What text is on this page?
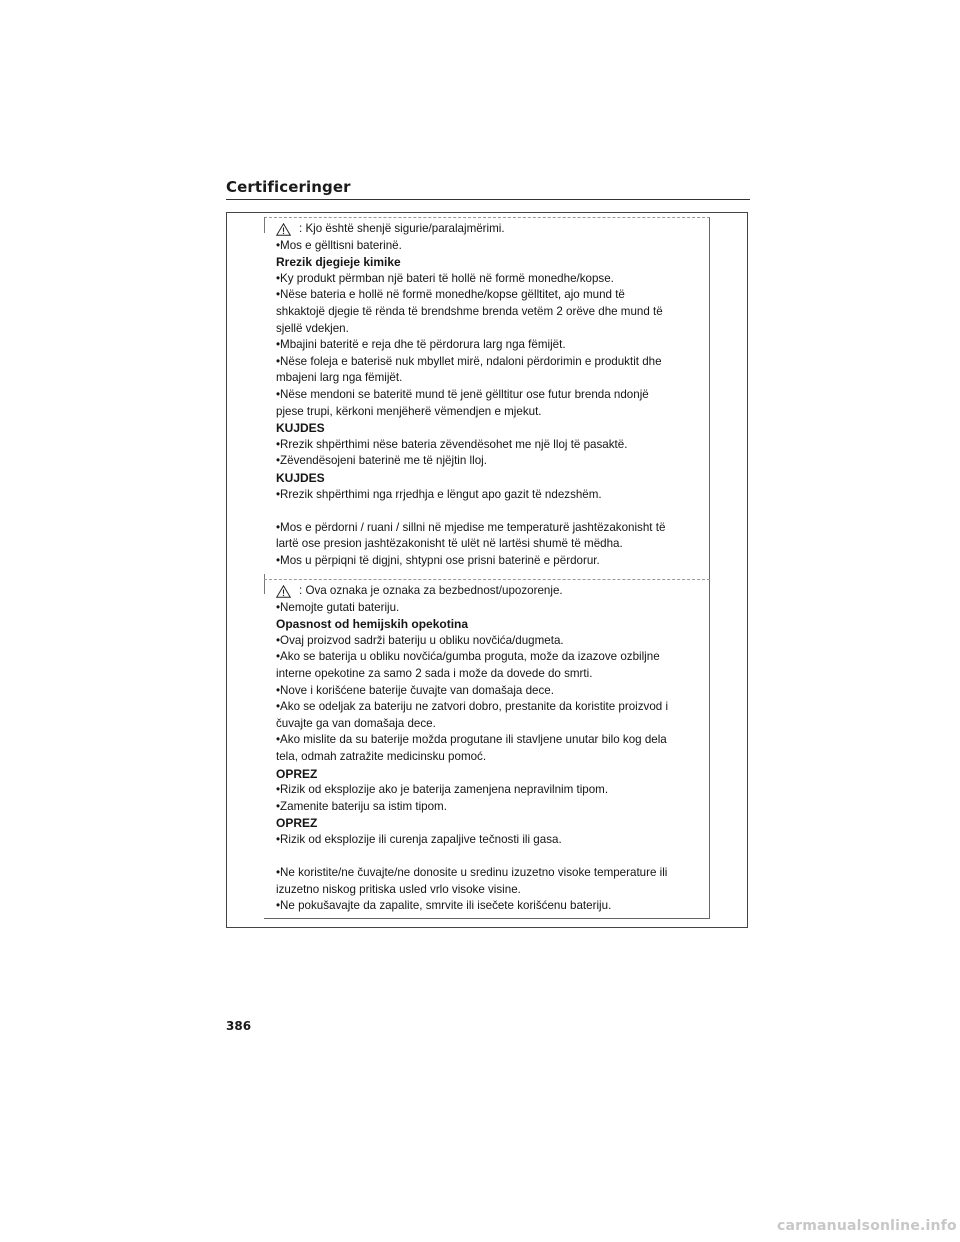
Certificeringer

: Kjo është shenjë sigurie/paralajmërimi.

•Mos e gëlltisni baterinë.

Rrezik djegieje kimike

•Ky produkt përmban një bateri të hollë në formë monedhe/kopse.

•Nëse bateria e hollë në formë monedhe/kopse gëlltitet, ajo mund të

shkaktojë djegie të rënda të brendshme brenda vetëm 2 orëve dhe mund të

sjellë vdekjen.

•Mbajini bateritë e reja dhe të përdorura larg nga fëmijët.

•Nëse foleja e baterisë nuk mbyllet mirë, ndaloni përdorimin e produktit dhe

mbajeni larg nga fëmijët.

•Nëse mendoni se bateritë mund të jenë gëlltitur ose futur brenda ndonjë

pjese trupi, kërkoni menjëherë vëmendjen e mjekut.

KUJDES

•Rrezik shpërthimi nëse bateria zëvendësohet me një lloj të pasaktë.

•Zëvendësojeni baterinë me të njëjtin lloj.

KUJDES

•Rrezik shpërthimi nga rrjedhja e lëngut apo gazit të ndezshëm.

•Mos e përdorni / ruani / sillni në mjedise me temperaturë jashtëzakonisht të

lartë ose presion jashtëzakonisht të ulët në lartësi shumë të mëdha.

•Mos u përpiqni të digjni, shtypni ose prisni baterinë e përdorur.

: Ova oznaka je oznaka za bezbednost/upozorenje.

•Nemojte gutati bateriju.

Opasnost od hemijskih opekotina

•Ovaj proizvod sadrži bateriju u obliku novčića/dugmeta.

•Ako se baterija u obliku novčića/gumba proguta, može da izazove ozbiljne

interne opekotine za samo 2 sada i može da dovede do smrti.

•Nove i korišćene baterije čuvajte van domašaja dece.

•Ako se odeljak za bateriju ne zatvori dobro, prestanite da koristite proizvod i

čuvajte ga van domašaja dece.

•Ako mislite da su baterije možda progutane ili stavljene unutar bilo kog dela

tela, odmah zatražite medicinsku pomoć.

OPREZ

•Rizik od eksplozije ako je baterija zamenjena nepravilnim tipom.

•Zamenite bateriju sa istim tipom.

OPREZ

•Rizik od eksplozije ili curenja zapaljive tečnosti ili gasa.

•Ne koristite/ne čuvajte/ne donosite u sredinu izuzetno visoke temperature ili

izuzetno niskog pritiska usled vrlo visoke visine.

•Ne pokušavajte da zapalite, smrvite ili isečete korišćenu bateriju.

386
carmanualsonline.info
